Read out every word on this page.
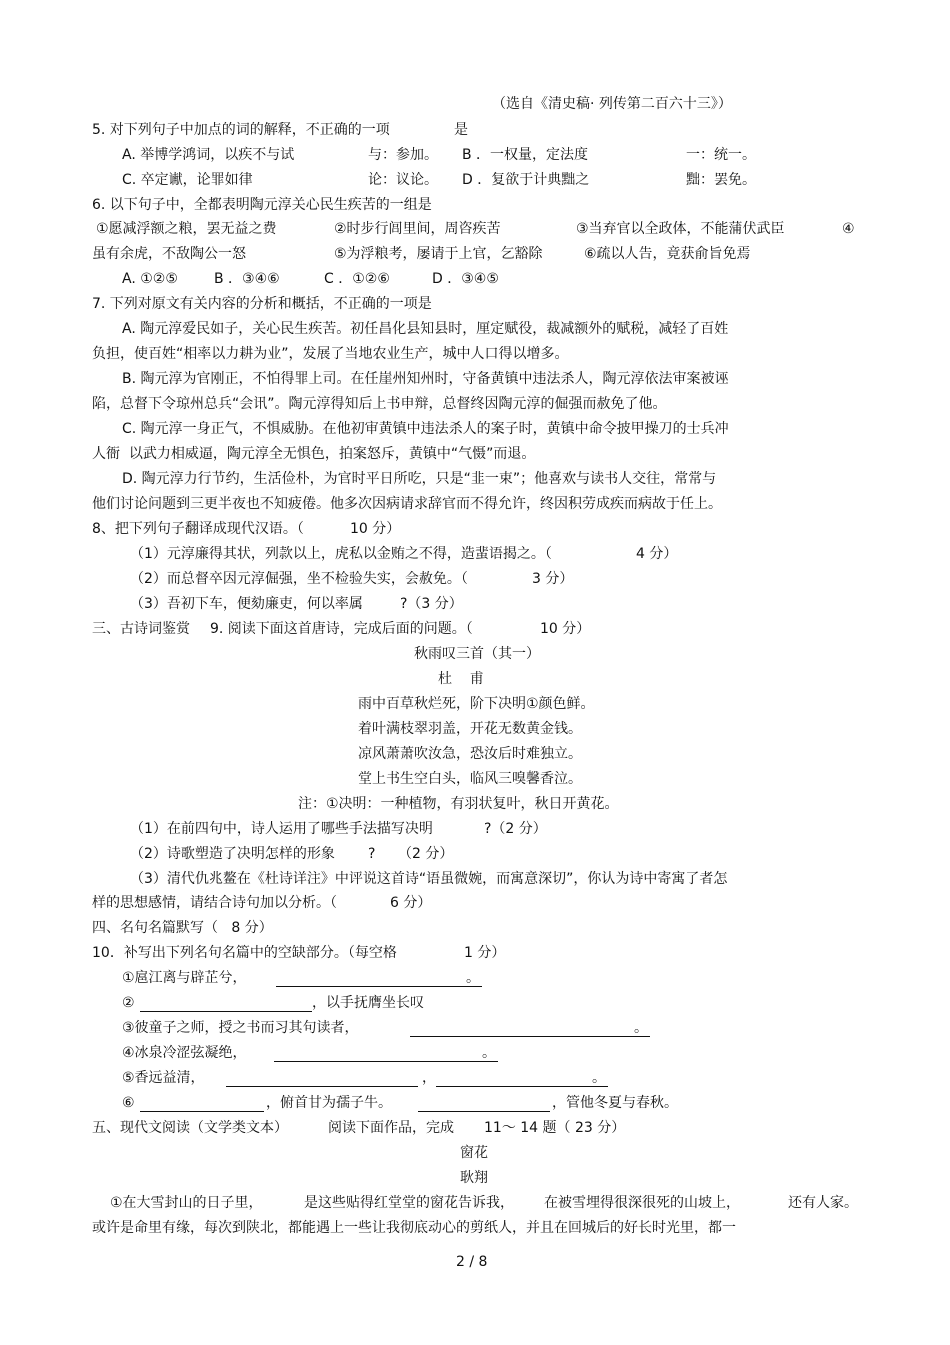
（选自《清史稿· 列传第二百六十三》）
5. 对下列句子中加点的词的解释，不正确的一项	是
A. 举博学鸿词，以疾不与试	与：参加。 B ．一权量，定法度	一：统一。
C. 卒定谳，论罪如律	论：议论。 D ．复欲于计典黜之	黜：罢免。
6. 以下句子中，全都表明陶元淳关心民生疾苦的一组是
①愿减浮额之粮，罢无益之费	②时步行闾里间，周咨疾苦	③当弃官以全政体，不能蒲伏武臣	④
虽有余虎，不敌陶公一怒	⑤为浮粮考，屡请于上官，乞豁除	⑥疏以人告，竟获俞旨免焉
A. ①②⑤	B ．③④⑥	C ．①②⑥	D ．③④⑤
7. 下列对原文有关内容的分析和概括，不正确的一项是
A. 陶元淳爱民如子，关心民生疾苦。初任昌化县知县时，厘定赋役，裁减额外的赋税，减轻了百姓
负担，使百姓“相率以力耕为业”，发展了当地农业生产，城中人口得以增多。
B. 陶元淳为官刚正，不怕得罪上司。在任崖州知州时，守备黄镇中违法杀人，陶元淳依法审案被诬
陷，总督下令琼州总兵“会讯”。陶元淳得知后上书申辩，总督终因陶元淳的倔强而赦免了他。
C. 陶元淳一身正气，不惧威胁。在他初审黄镇中违法杀人的案子时，黄镇中命令披甲操刀的士兵冲
人衙  以武力相威逼，陶元淳全无惧色，拍案怒斥，黄镇中“气慑”而退。
D. 陶元淳力行节约，生活俭朴，为官时平日所吃，只是“韭一束”；他喜欢与读书人交往，常常与
他们讨论问题到三更半夜也不知疲倦。他多次因病请求辞官而不得允许，终因积劳成疾而病故于任上。
8、把下列句子翻译成现代汉语。（	10 分）
（1）元淳廉得其状，列款以上，虎私以金贿之不得，造蜚语揭之。（	4 分）
（2）而总督卒因元淳倔强，坐不检验失实，会赦免。（	3 分）
（3）吾初下车，便劾廉吏，何以率属	?（3 分）
三、古诗词鉴赏 9. 阅读下面这首唐诗，完成后面的问题。（	10 分）
秋雨叹三首（其一）
杜    甫
雨中百草秋烂死，阶下决明①颜色鲜。
着叶满枝翠羽盖，开花无数黄金钱。
凉风萧萧吹汝急，恐汝后时难独立。
堂上书生空白头，临风三嗅馨香泣。
注：①决明：一种植物，有羽状复叶，秋日开黄花。
（1）在前四句中，诗人运用了哪些手法描写决明	?（2 分）
（2）诗歌塑造了决明怎样的形象 ? （2 分）
（3）清代仇兆鳌在《杜诗详注》中评说这首诗“语虽微婉，而寓意深切”，你认为诗中寄寓了者怎
样的思想感情，请结合诗句加以分析。（	6 分）
四、名句名篇默写（   8 分）
10．补写出下列名句名篇中的空缺部分。（每空格	1 分）
①扈江离与辟芷兮，	。
②	，以手抚膺坐长叹
③彼童子之师，授之书而习其句读者，	。
④冰泉冷涩弦凝绝，	。
⑤香远益清，	，	。
⑥	，俯首甘为孺子牛。	，管他冬夏与春秋。
五、现代文阅读（文学类文本）	阅读下面作品，完成 11～ 14 题（ 23 分）
窗花
耿翔
①在大雪封山的日子里，	是这些贴得红堂堂的窗花告诉我， 在被雪埋得很深很死的山坡上，	还有人家。
或许是命里有缘，每次到陕北，都能遇上一些让我彻底动心的剪纸人，并且在回城后的好长时光里，都一
2 / 8
